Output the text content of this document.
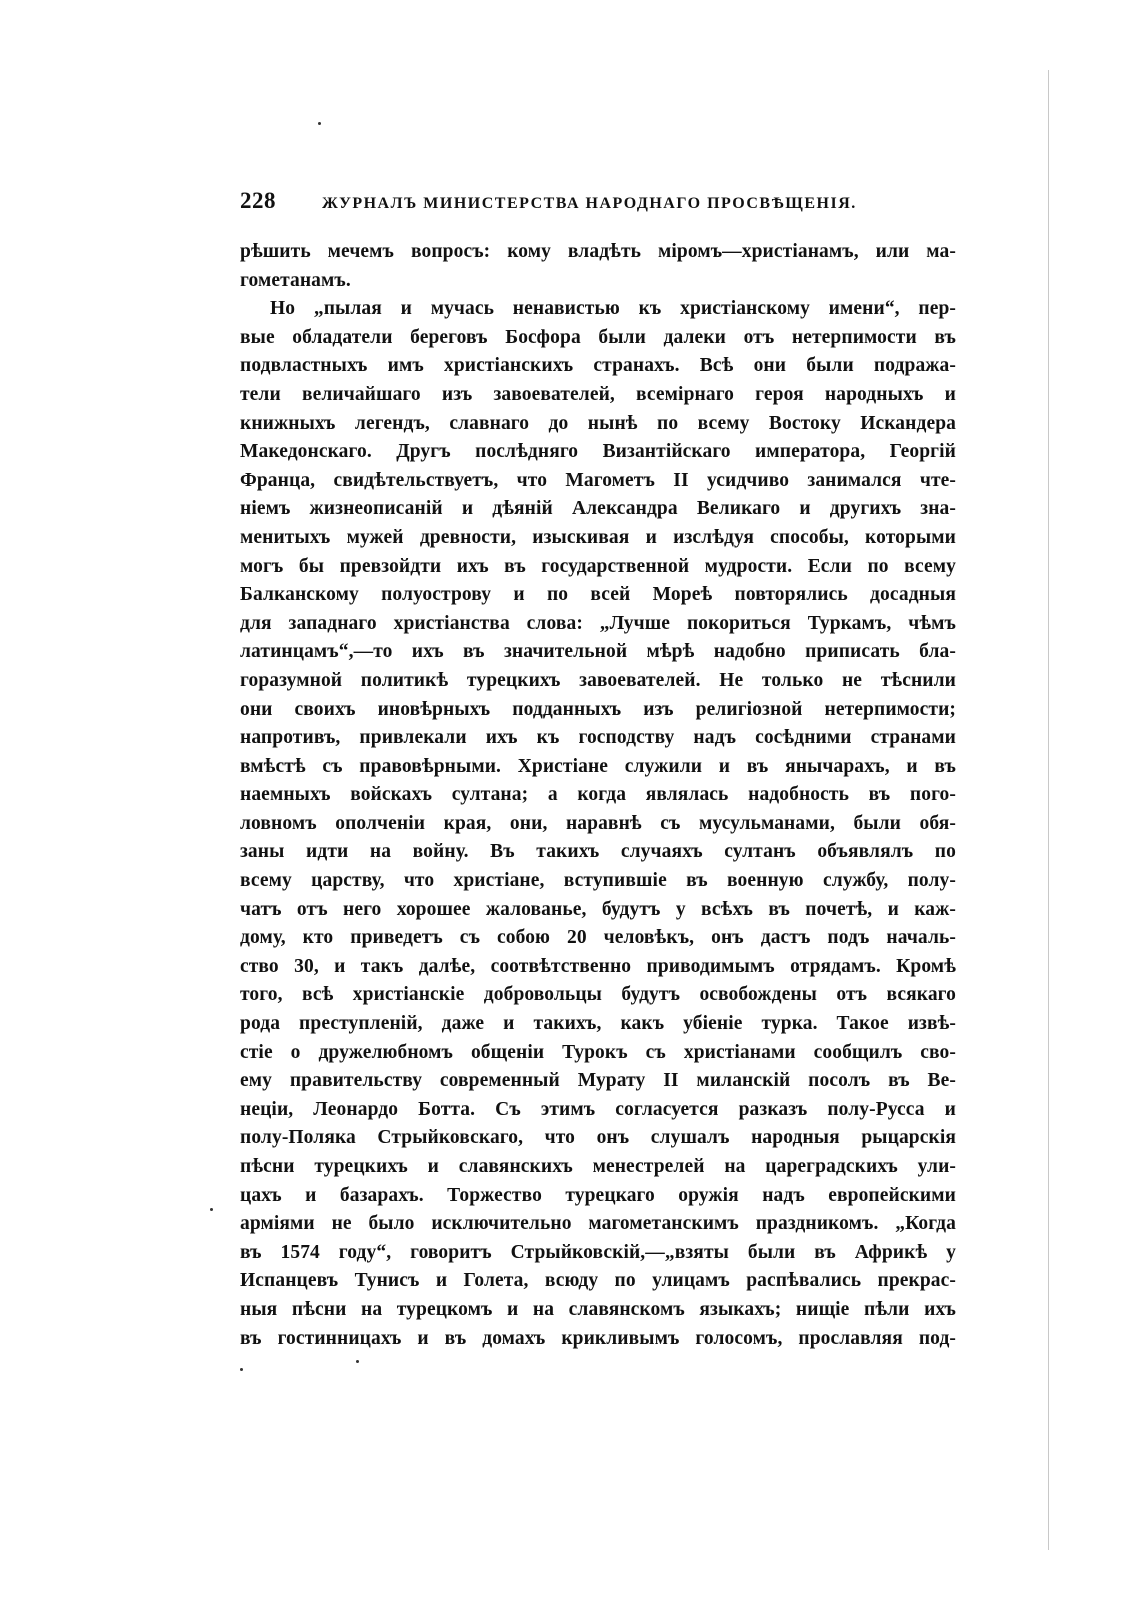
228	ЖУРНАЛЪ МИНИСТЕРСТВА НАРОДНАГО ПРОСВѢЩЕНІЯ.
рѣшить мечемъ вопросъ: кому владѣть міромъ—христіанамъ, или ма-
гометанамъ.
Но „пылая и мучась ненавистью къ христіанскому имени“, пер-
вые обладатели береговъ Босфора были далеки отъ нетерпимости въ
подвластныхъ имъ христіанскихъ странахъ. Всѣ они были подража-
тели величайшаго изъ завоевателей, всемірнаго героя народныхъ и
книжныхъ легендъ, славнаго до нынѣ по всему Востоку Искандера
Македонскаго. Другъ послѣдняго Византійскаго императора, Георгій
Франца, свидѣтельствуетъ, что Магометъ II усидчиво занимался чте-
ніемъ жизнеописаній и дѣяній Александра Великаго и другихъ зна-
менитыхъ мужей древности, изыскивая и изслѣдуя способы, которыми
могъ бы превзойдти ихъ въ государственной мудрости. Если по всему
Балканскому полуострову и по всей Мореѣ повторялись досадныя
для западнаго христіанства слова: „Лучше покориться Туркамъ, чѣмъ
латинцамъ“,—то ихъ въ значительной мѣрѣ надобно приписать бла-
горазумной политикѣ турецкихъ завоевателей. Не только не тѣснили
они своихъ иновѣрныхъ подданныхъ изъ религіозной нетерпимости;
напротивъ, привлекали ихъ къ господству надъ сосѣдними странами
вмѣстѣ съ правовѣрными. Христіане служили и въ янычарахъ, и въ
наемныхъ войскахъ султана; а когда являлась надобность въ пого-
ловномъ ополченіи края, они, наравнѣ съ мусульманами, были обя-
заны идти на войну. Въ такихъ случаяхъ султанъ объявлялъ по
всему царству, что христіане, вступившіе въ военную службу, полу-
чатъ отъ него хорошее жалованье, будутъ у всѣхъ въ почетѣ, и каж-
дому, кто приведетъ съ собою 20 человѣкъ, онъ дастъ подъ началь-
ство 30, и такъ далѣе, соотвѣтственно приводимымъ отрядамъ. Кромѣ
того, всѣ христіанскіе добровольцы будутъ освобождены отъ всякаго
рода преступленій, даже и такихъ, какъ убіеніе турка. Такое извѣ-
стіе о дружелюбномъ общеніи Турокъ съ христіанами сообщилъ сво-
ему правительству современный Мурату II миланскій посолъ въ Ве-
неціи, Леонардо Ботта. Съ этимъ согласуется разказъ полу-Русса и
полу-Поляка Стрыйковскаго, что онъ слушалъ народныя рыцарскія
пѣсни турецкихъ и славянскихъ менестрелей на цареградскихъ ули-
цахъ и базарахъ. Торжество турецкаго оружія надъ европейскими
арміями не было исключительно магометанскимъ праздникомъ. „Когда
въ 1574 году“, говоритъ Стрыйковскій,—„взяты были въ Африкѣ у
Испанцевъ Тунисъ и Голета, всюду по улицамъ распѣвались прекрас-
ныя пѣсни на турецкомъ и на славянскомъ языкахъ; нищіе пѣли ихъ
въ гостинницахъ и въ домахъ крикливымъ голосомъ, прославляя под-
